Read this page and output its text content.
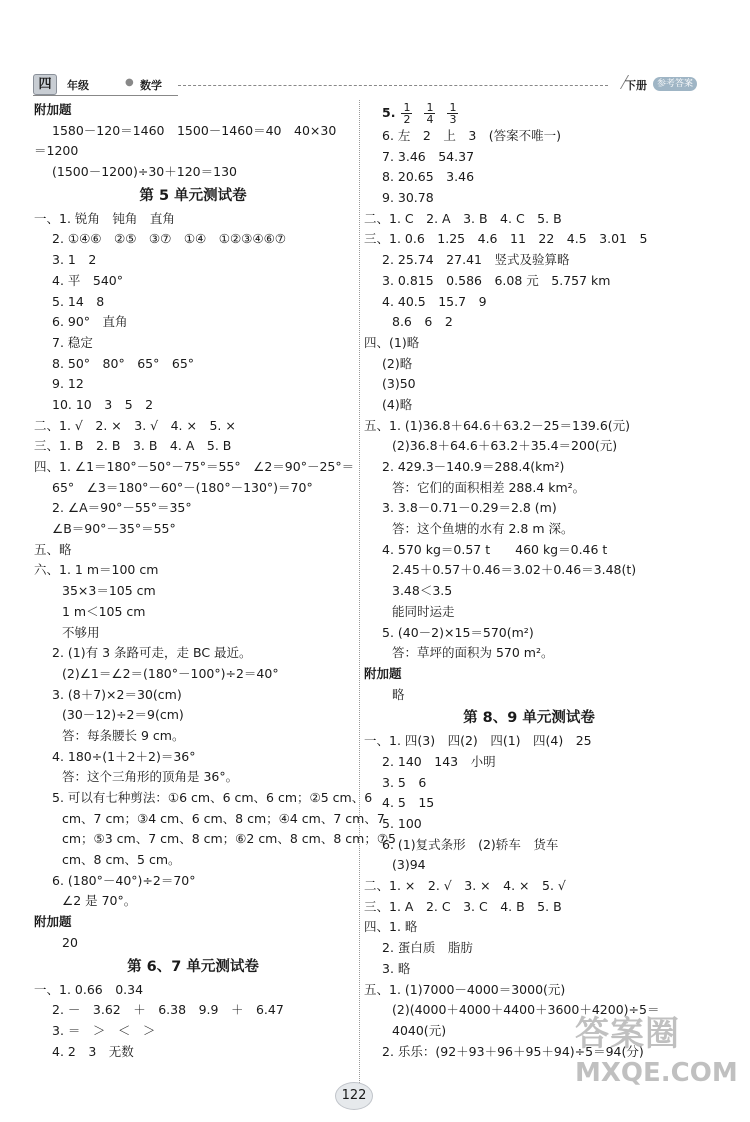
四	年级	● 数学	下册	参考答案
附加题
1580－120＝1460　1500－1460＝40　40×30
＝1200
(1500－1200)÷30＋120＝130
第 5 单元测试卷
一、1. 锐角　钝角　直角
2. ①④⑥　②⑤　③⑦　①④　①②③④⑥⑦
3. 1　2
4. 平　540°
5. 14　8
6. 90°　直角
7. 稳定
8. 50°　80°　65°　65°
9. 12
10. 10　3　5　2
二、1. √　2. ×　3. √　4. ×　5. ×
三、1. B　2. B　3. B　4. A　5. B
四、1. ∠1＝180°－50°－75°＝55°　∠2＝90°－25°＝
65°　∠3＝180°－60°－(180°－130°)＝70°
2. ∠A＝90°－55°＝35°
∠B＝90°－35°＝55°
五、略
六、1. 1 m＝100 cm
35×3＝105 cm
1 m＜105 cm
不够用
2. (1)有 3 条路可走，走 BC 最近。
(2)∠1＝∠2＝(180°－100°)÷2＝40°
3. (8＋7)×2＝30(cm)
(30－12)÷2＝9(cm)
答：每条腰长 9 cm。
4. 180÷(1＋2＋2)＝36°
答：这个三角形的顶角是 36°。
5. 可以有七种剪法：①6 cm、6 cm、6 cm；②5 cm、6
cm、7 cm；③4 cm、6 cm、8 cm；④4 cm、7 cm、7
cm；⑤3 cm、7 cm、8 cm；⑥2 cm、8 cm、8 cm；⑦5
cm、8 cm、5 cm。
6. (180°－40°)÷2＝70°
∠2 是 70°。
附加题
20
第 6、7 单元测试卷
一、1. 0.66　0.34
2. －　3.62　＋　6.38　9.9　＋　6.47
3. ＝　＞　＜　＞
4. 2　3　无数
5. $\frac{1}{2} \frac{1}{4} \frac{1}{3}$
6. 左　2　上　3　(答案不唯一)
7. 3.46　54.37
8. 20.65　3.46
9. 30.78
二、1. C　2. A　3. B　4. C　5. B
三、1. 0.6　1.25　4.6　11　22　4.5　3.01　5
2. 25.74　27.41　竖式及验算略
3. 0.815　0.586　6.08 元　5.757 km
4. 40.5　15.7　9
8.6　6　2
四、(1)略
(2)略
(3)50
(4)略
五、1. (1)36.8＋64.6＋63.2－25＝139.6(元)
(2)36.8＋64.6＋63.2＋35.4＝200(元)
2. 429.3－140.9＝288.4(km²)
答：它们的面积相差 288.4 km²。
3. 3.8－0.71－0.29＝2.8 (m)
答：这个鱼塘的水有 2.8 m 深。
4. 570 kg＝0.57 t　　460 kg＝0.46 t
2.45＋0.57＋0.46＝3.02＋0.46＝3.48(t)
3.48＜3.5
能同时运走
5. (40－2)×15＝570(m²)
答：草坪的面积为 570 m²。
附加题
略
第 8、9 单元测试卷
一、1. 四(3)　四(2)　四(1)　四(4)　25
2. 140　143　小明
3. 5　6
4. 5　15
5. 100
6. (1)复式条形　(2)轿车　货车
(3)94
二、1. ×　2. √　3. ×　4. ×　5. √
三、1. A　2. C　3. C　4. B　5. B
四、1. 略
2. 蛋白质　脂肪
3. 略
五、1. (1)7000－4000＝3000(元)
(2)(4000＋4000＋4400＋3600＋4200)÷5＝
4040(元)
2. 乐乐：(92＋93＋96＋95＋94)÷5＝94(分)
122
答案圈
MXQE.COM
